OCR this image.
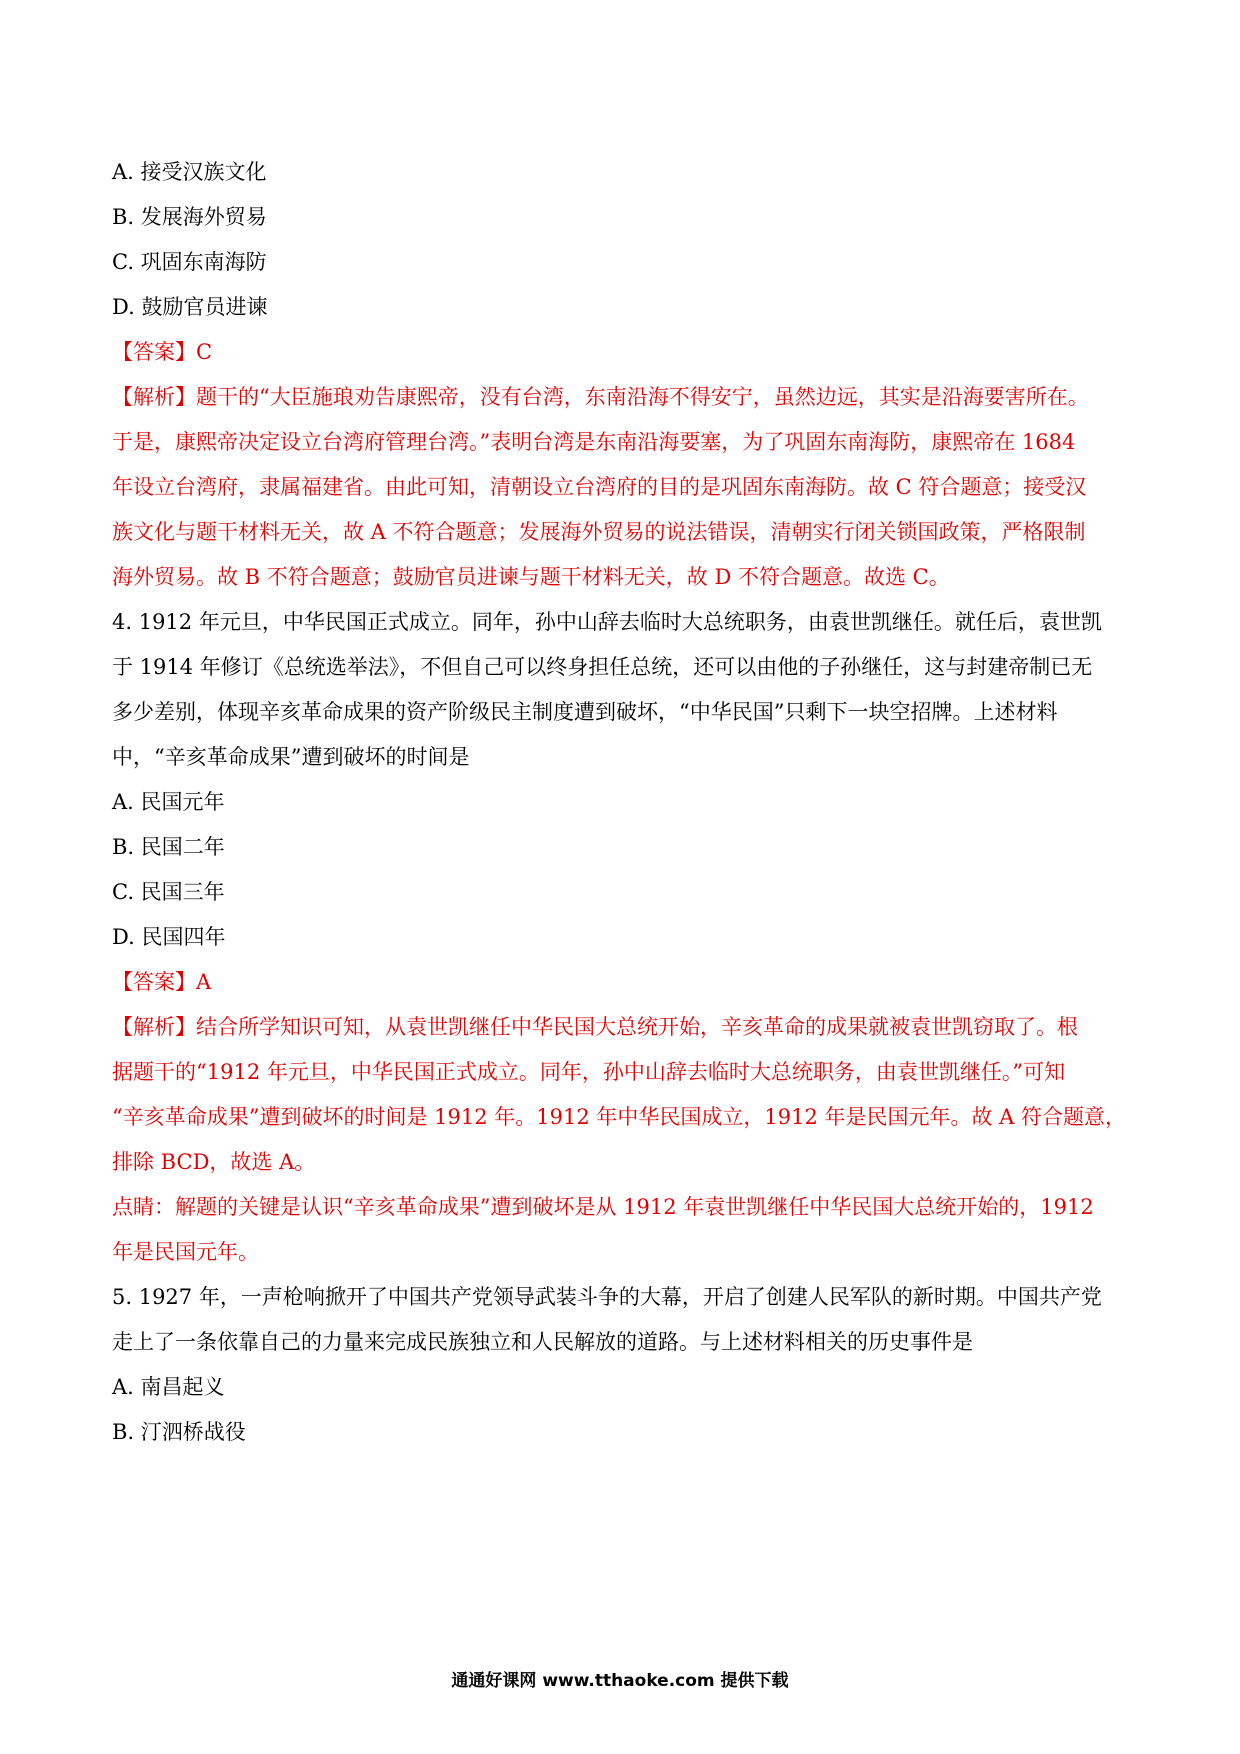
A. 接受汉族文化
B. 发展海外贸易
C. 巩固东南海防
D. 鼓励官员进谏
【答案】C
【解析】题干的“大臣施琅劝告康熙帝，没有台湾，东南沿海不得安宁，虽然边远，其实是沿海要害所在。
于是，康熙帝决定设立台湾府管理台湾。”表明台湾是东南沿海要塞，为了巩固东南海防，康熙帝在 1684
年设立台湾府，隶属福建省。由此可知，清朝设立台湾府的目的是巩固东南海防。故 C 符合题意；接受汉
族文化与题干材料无关，故 A 不符合题意；发展海外贸易的说法错误，清朝实行闭关锁国政策，严格限制
海外贸易。故 B 不符合题意；鼓励官员进谏与题干材料无关，故 D 不符合题意。故选 C。
4. 1912 年元旦，中华民国正式成立。同年，孙中山辞去临时大总统职务，由袁世凯继任。就任后，袁世凯
于 1914 年修订《总统选举法》，不但自己可以终身担任总统，还可以由他的子孙继任，这与封建帝制已无
多少差别，体现辛亥革命成果的资产阶级民主制度遭到破坏，“中华民国”只剩下一块空招牌。上述材料
中，“辛亥革命成果”遭到破坏的时间是
A. 民国元年
B. 民国二年
C. 民国三年
D. 民国四年
【答案】A
【解析】结合所学知识可知，从袁世凯继任中华民国大总统开始，辛亥革命的成果就被袁世凯窃取了。根
据题干的“1912 年元旦，中华民国正式成立。同年，孙中山辞去临时大总统职务，由袁世凯继任。”可知
“辛亥革命成果”遭到破坏的时间是 1912 年。1912 年中华民国成立，1912 年是民国元年。故 A 符合题意，
排除 BCD，故选 A。
点睛：解题的关键是认识“辛亥革命成果”遭到破坏是从 1912 年袁世凯继任中华民国大总统开始的，1912
年是民国元年。
5. 1927 年，一声枪响掀开了中国共产党领导武装斗争的大幕，开启了创建人民军队的新时期。中国共产党
走上了一条依靠自己的力量来完成民族独立和人民解放的道路。与上述材料相关的历史事件是
A. 南昌起义
B. 汀泗桥战役
通通好课网 www.tthaoke.com 提供下载
